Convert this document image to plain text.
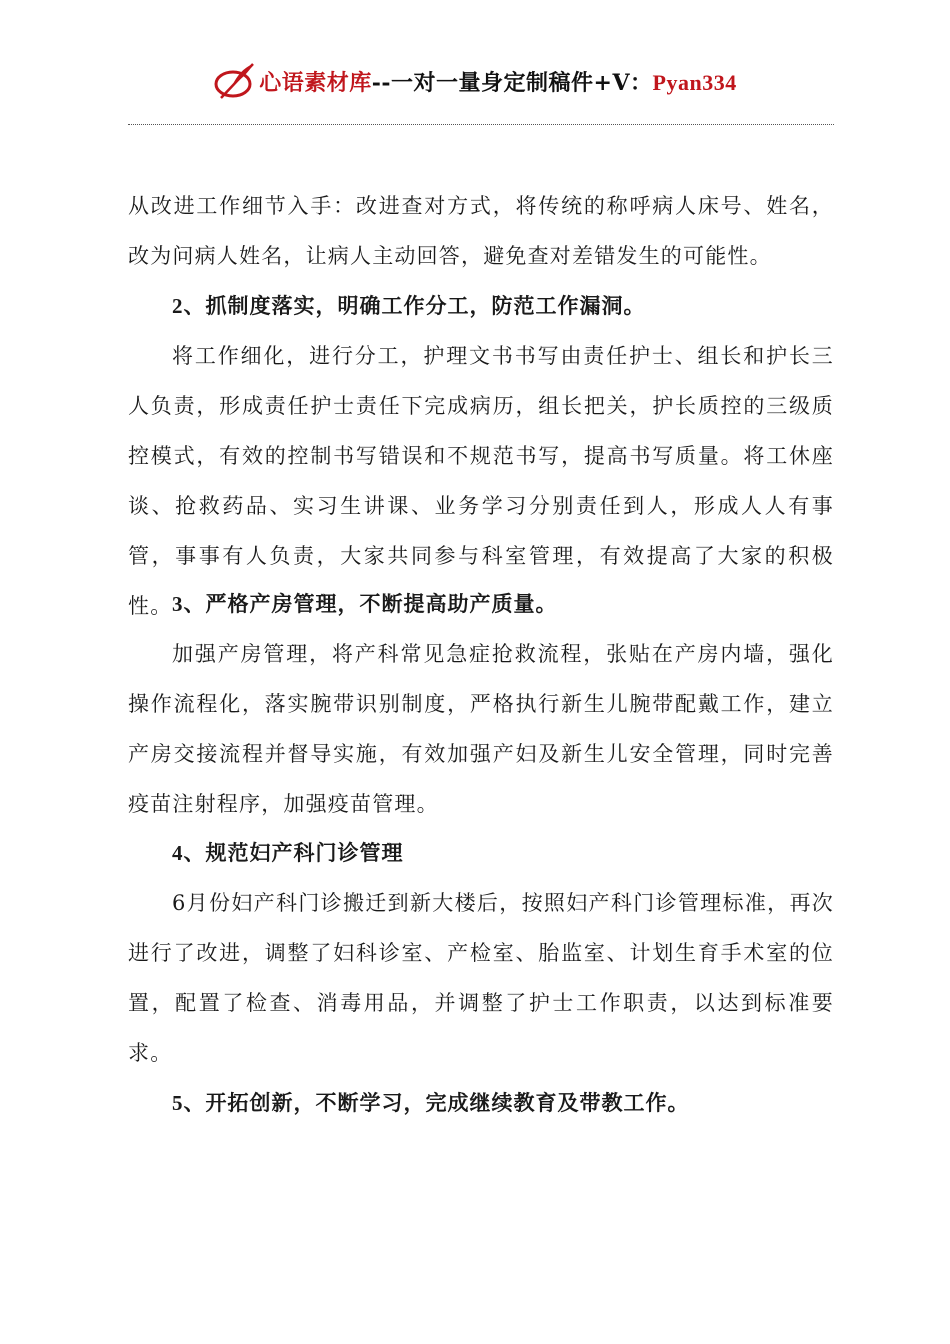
心语素材库--一对一量身定制稿件+V：Pyan334

从改进工作细节入手：改进查对方式，将传统的称呼病人床号、姓名，改为问病人姓名，让病人主动回答，避免查对差错发生的可能性。

2、抓制度落实，明确工作分工，防范工作漏洞。

将工作细化，进行分工，护理文书书写由责任护士、组长和护长三人负责，形成责任护士责任下完成病历，组长把关，护长质控的三级质控模式，有效的控制书写错误和不规范书写，提高书写质量。将工休座谈、抢救药品、实习生讲课、业务学习分别责任到人，形成人人有事管，事事有人负责，大家共同参与科室管理，有效提高了大家的积极性。 3、严格产房管理，不断提高助产质量。

加强产房管理，将产科常见急症抢救流程，张贴在产房内墙，强化操作流程化，落实腕带识别制度，严格执行新生儿腕带配戴工作，建立产房交接流程并督导实施，有效加强产妇及新生儿安全管理，同时完善疫苗注射程序，加强疫苗管理。

4、规范妇产科门诊管理

6月份妇产科门诊搬迁到新大楼后，按照妇产科门诊管理标准，再次进行了改进，调整了妇科诊室、产检室、胎监室、计划生育手术室的位置，配置了检查、消毒用品，并调整了护士工作职责，以达到标准要求。

5、开拓创新，不断学习，完成继续教育及带教工作。
